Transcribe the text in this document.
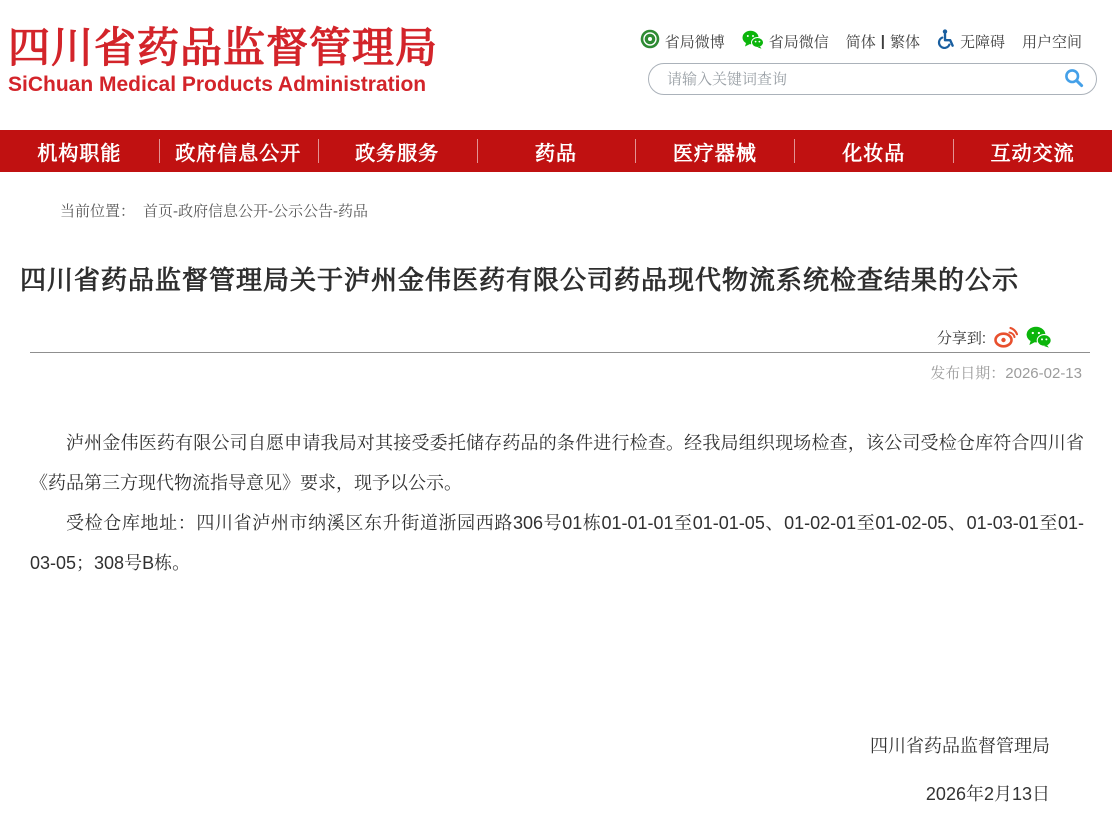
四川省药品监督管理局
SiChuan Medical Products Administration
省局微博	省局微信 简体 | 繁体	无障碍 用户空间
请输入关键词查询
机构职能	政府信息公开	政务服务	药品	医疗器械	化妆品	互动交流
当前位置： 首页-政府信息公开-公示公告-药品
四川省药品监督管理局关于泸州金伟医药有限公司药品现代物流系统检查结果的公示
分享到:
发布日期：2026-02-13

泸州金伟医药有限公司自愿申请我局对其接受委托储存药品的条件进行检查。经我局组织现场检查，该公司受检仓库符合四川省《药品第三方现代物流指导意见》要求，现予以公示。

受检仓库地址：四川省泸州市纳溪区东升街道浙园西路306号01栋01-01-01至01-01-05、01-02-01至01-02-05、01-03-01至01-03-05；308号B栋。

四川省药品监督管理局
2026年2月13日
